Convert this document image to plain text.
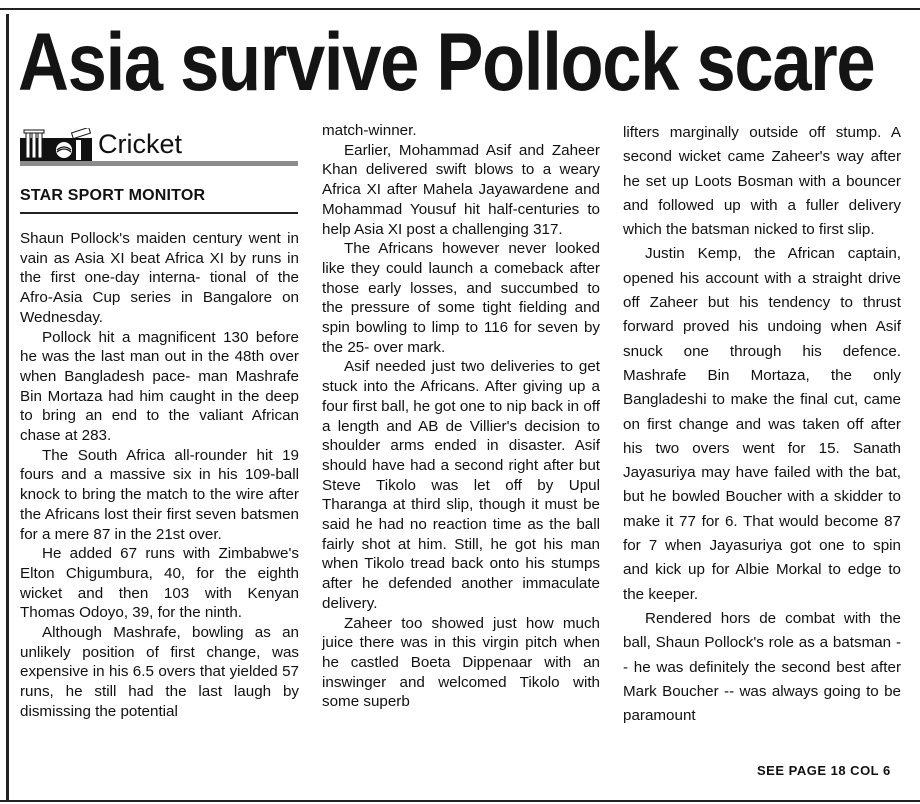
Asia survive Pollock scare
Cricket

STAR SPORT MONITOR

Shaun Pollock's maiden century went in vain as Asia XI beat Africa XI by runs in the first one-day interna- tional of the Afro-Asia Cup series in Bangalore on Wednesday.

Pollock hit a magnificent 130 before he was the last man out in the 48th over when Bangladesh pace- man Mashrafe Bin Mortaza had him caught in the deep to bring an end to the valiant African chase at 283.

The South Africa all-rounder hit 19 fours and a massive six in his 109-ball knock to bring the match to the wire after the Africans lost their first seven batsmen for a mere 87 in the 21st over.

He added 67 runs with Zimbabwe's Elton Chigumbura, 40, for the eighth wicket and then 103 with Kenyan Thomas Odoyo, 39, for the ninth.

Although Mashrafe, bowling as an unlikely position of first change, was expensive in his 6.5 overs that yielded 57 runs, he still had the last laugh by dismissing the potential

match-winner.

Earlier, Mohammad Asif and Zaheer Khan delivered swift blows to a weary Africa XI after Mahela Jayawardene and Mohammad Yousuf hit half-centuries to help Asia XI post a challenging 317.

The Africans however never looked like they could launch a comeback after those early losses, and succumbed to the pressure of some tight fielding and spin bowling to limp to 116 for seven by the 25- over mark.

Asif needed just two deliveries to get stuck into the Africans. After giving up a four first ball, he got one to nip back in off a length and AB de Villier's decision to shoulder arms ended in disaster. Asif should have had a second right after but Steve Tikolo was let off by Upul Tharanga at third slip, though it must be said he had no reaction time as the ball fairly shot at him. Still, he got his man when Tikolo tread back onto his stumps after he defended another immaculate delivery.

Zaheer too showed just how much juice there was in this virgin pitch when he castled Boeta Dippenaar with an inswinger and welcomed Tikolo with some superb

lifters marginally outside off stump. A second wicket came Zaheer's way after he set up Loots Bosman with a bouncer and followed up with a fuller delivery which the batsman nicked to first slip.

Justin Kemp, the African captain, opened his account with a straight drive off Zaheer but his tendency to thrust forward proved his undoing when Asif snuck one through his defence. Mashrafe Bin Mortaza, the only Bangladeshi to make the final cut, came on first change and was taken off after his two overs went for 15. Sanath Jayasuriya may have failed with the bat, but he bowled Boucher with a skidder to make it 77 for 6. That would become 87 for 7 when Jayasuriya got one to spin and kick up for Albie Morkal to edge to the keeper.

Rendered hors de combat with the ball, Shaun Pollock's role as a batsman -- he was definitely the second best after Mark Boucher -- was always going to be paramount

SEE PAGE 18 COL 6
